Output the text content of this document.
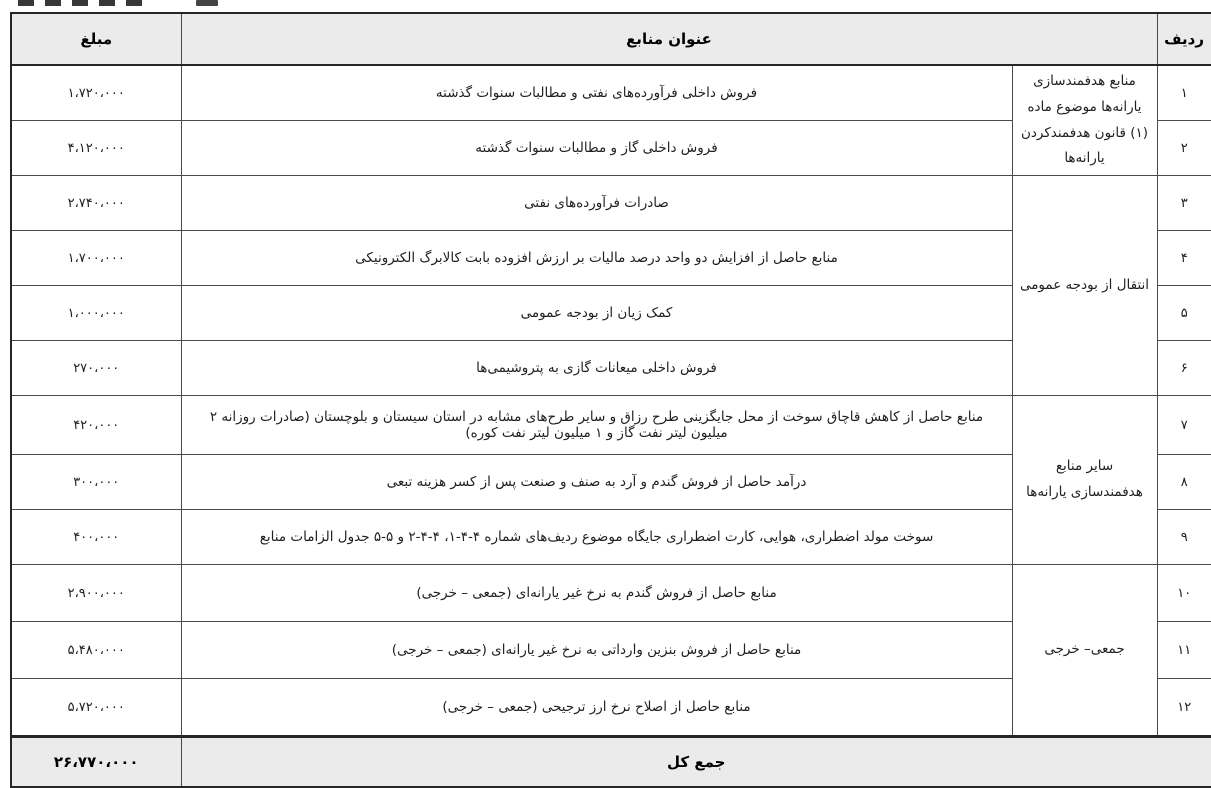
ردیف	عنوان منابع		مبلغ
۱	منابع هدفمندسازی یارانه‌ها موضوع ماده (۱) قانون هدفمندکردن یارانه‌ها	فروش داخلی فرآورده‌های نفتی و مطالبات سنوات گذشته	۱،۷۲۰،۰۰۰
۲		فروش داخلی گاز و مطالبات سنوات گذشته	۴،۱۲۰،۰۰۰
۳	انتقال از بودجه عمومی	صادرات فرآورده‌های نفتی	۲،۷۴۰،۰۰۰
۴		منابع حاصل از افزایش دو واحد درصد مالیات بر ارزش افزوده بابت کالابرگ الکترونیکی	۱،۷۰۰،۰۰۰
۵		کمک زیان از بودجه عمومی	۱،۰۰۰،۰۰۰
۶		فروش داخلی میعانات گازی به پتروشیمی‌ها	۲۷۰،۰۰۰
۷	سایر منابع هدفمندسازی یارانه‌ها	منابع حاصل از کاهش قاچاق سوخت از محل جایگزینی طرح رزاق و سایر طرح‌های مشابه در استان سیستان و بلوچستان (صادرات روزانه ۲ میلیون لیتر نفت گاز و ۱ میلیون لیتر نفت کوره)	۴۲۰،۰۰۰
۸		درآمد حاصل از فروش گندم و آرد به صنف و صنعت پس از کسر هزینه تبعی	۳۰۰،۰۰۰
۹		سوخت مولد اضطراری، هوایی، کارت اضطراری جایگاه موضوع ردیف‌های شماره ۴-۴-۱، ۴-۴-۲ و ۵-۵ جدول الزامات منابع	۴۰۰،۰۰۰
۱۰	جمعی– خرجی	منابع حاصل از فروش گندم به نرخ غیر یارانه‌ای (جمعی – خرجی)	۲،۹۰۰،۰۰۰
۱۱		منابع حاصل از فروش بنزین وارداتی به نرخ غیر یارانه‌ای (جمعی – خرجی)	۵،۴۸۰،۰۰۰
۱۲		منابع حاصل از اصلاح نرخ ارز ترجیحی (جمعی – خرجی)	۵،۷۲۰،۰۰۰
جمع کل			۲۶،۷۷۰،۰۰۰
